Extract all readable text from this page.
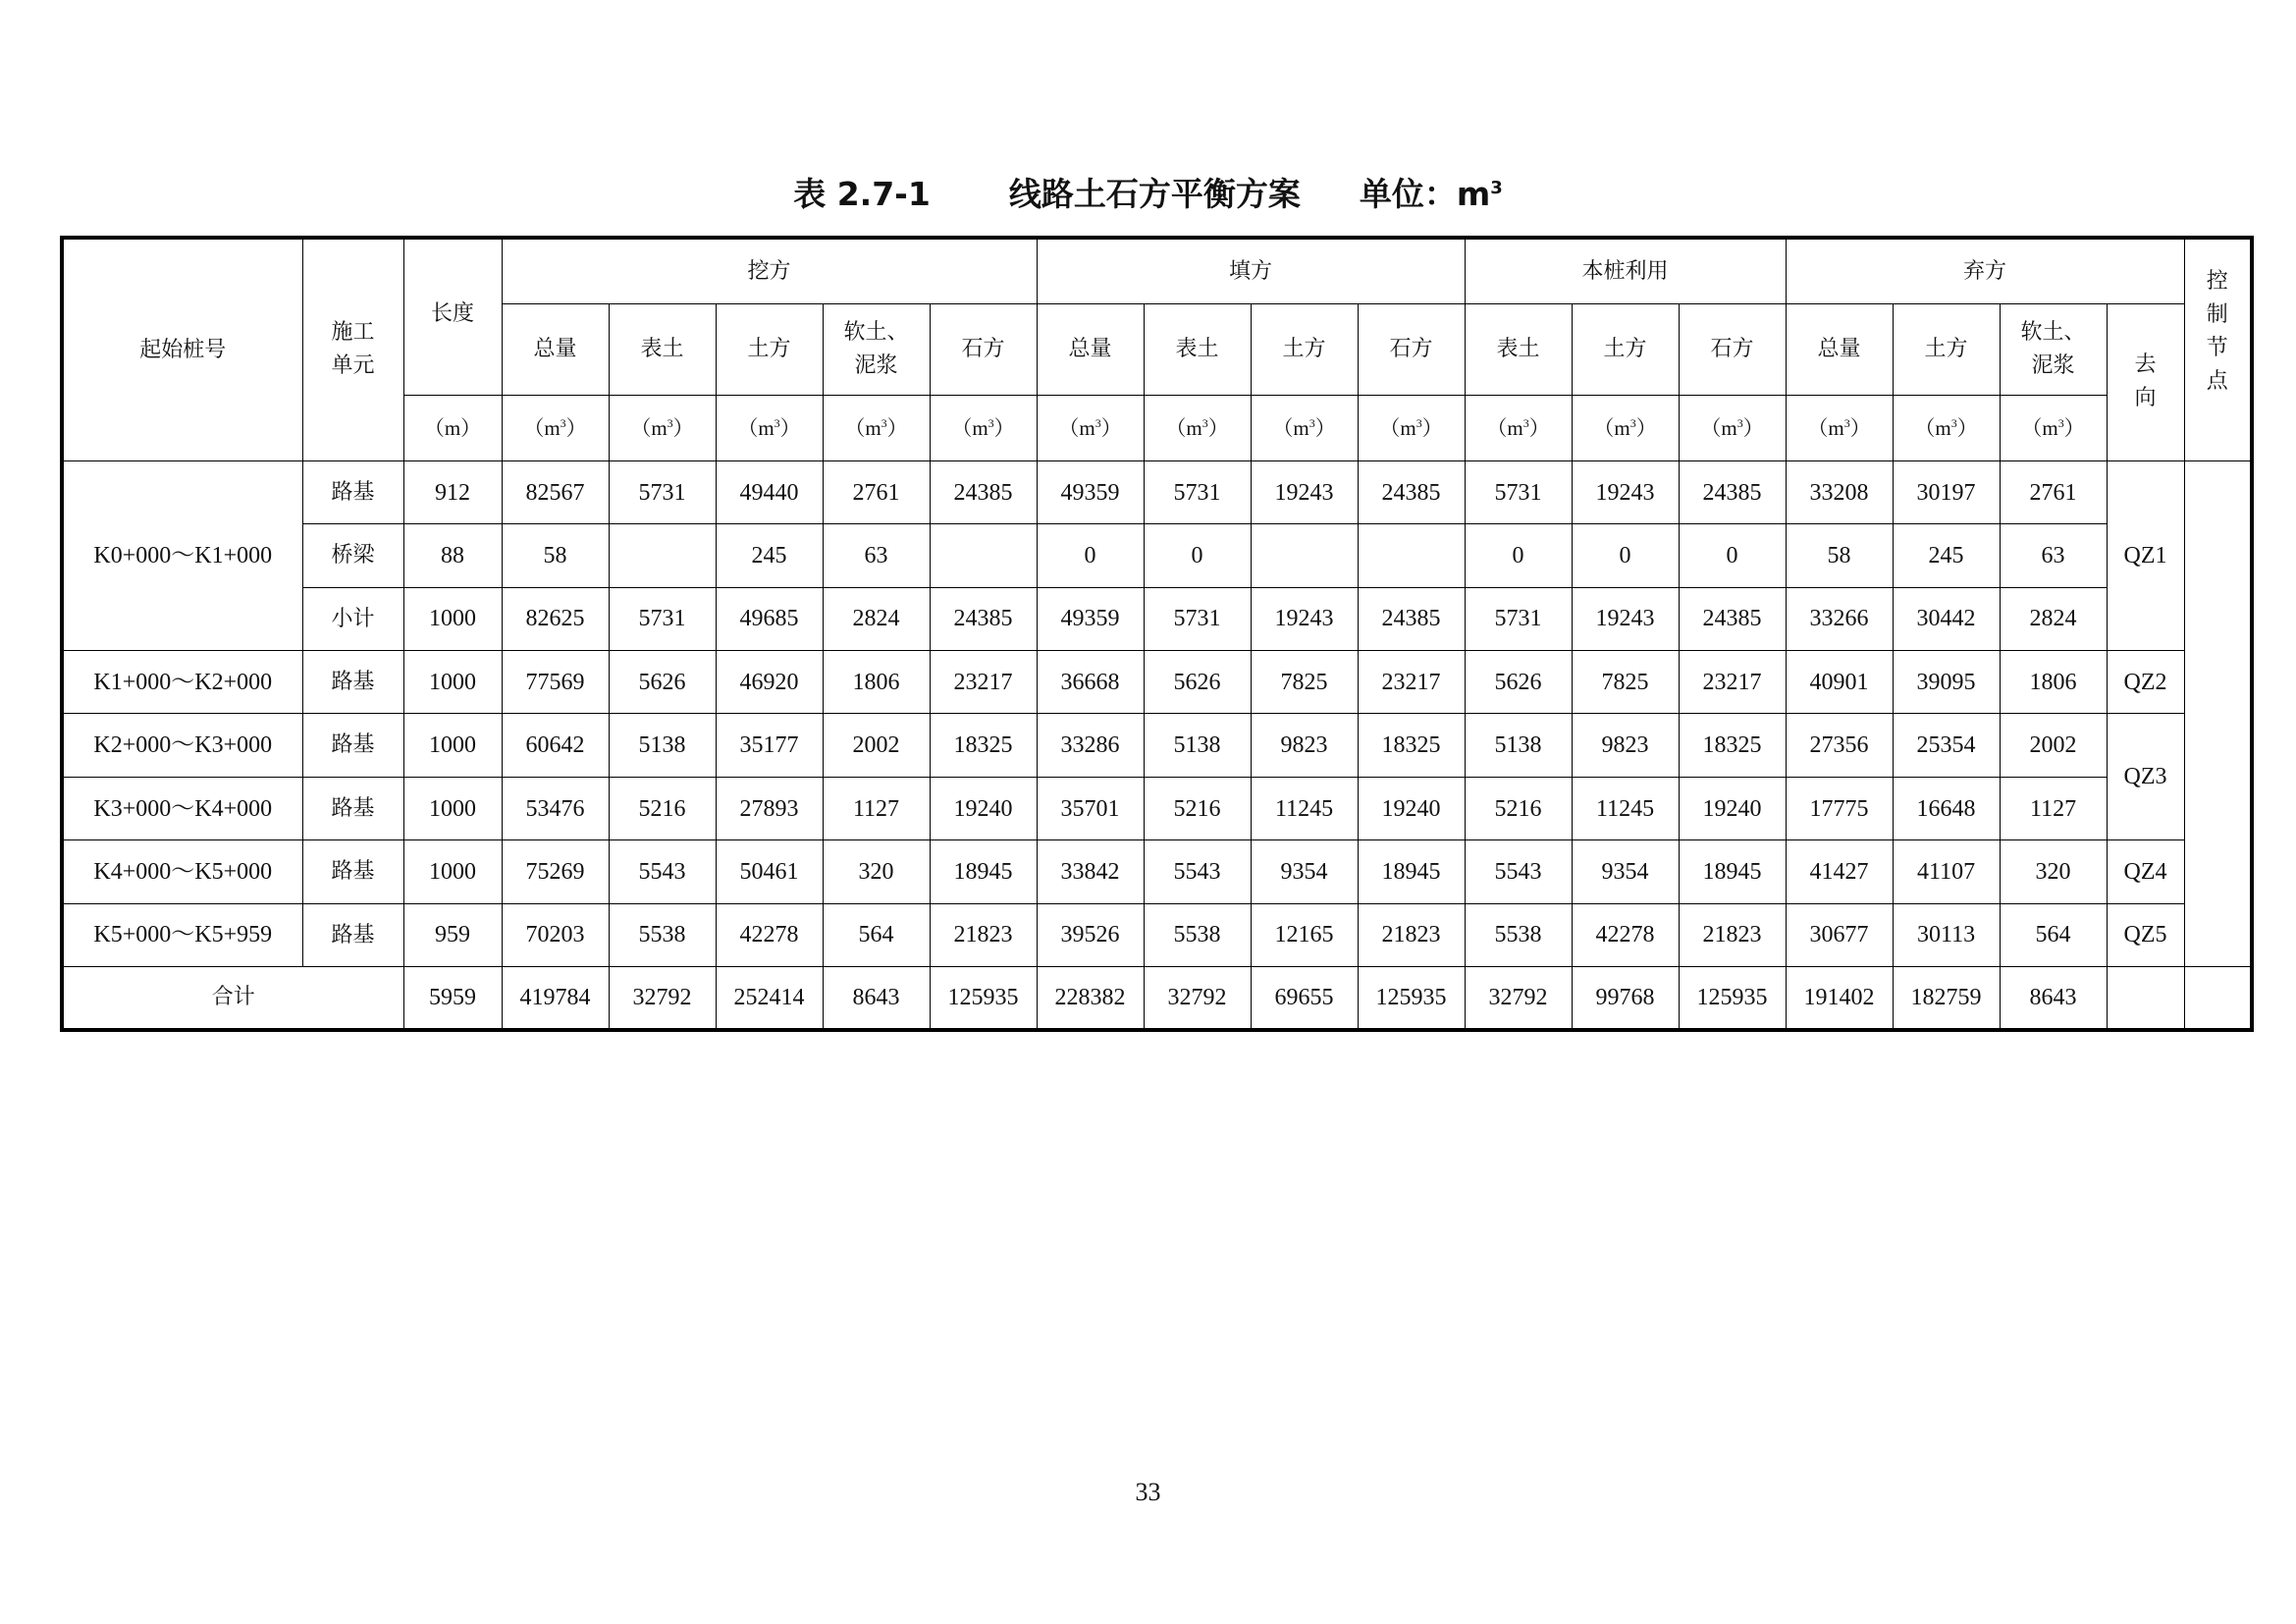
表 2.7-1 线路土石方平衡方案 单位：$m^3$
起始桩号	施工单元	长度	挖方					填方				本桩利用			弃方				控制节点
			总量	表土	土方	软土、泥浆	石方	总量	表土	土方	石方	表土	土方	石方	总量	土方	软土、泥浆	去向	
		（m）	$(m^3)$	$(m^3)$	$(m^3)$	$(m^3)$	$(m^3)$	$(m^3)$	$(m^3)$	$(m^3)$	$(m^3)$	$(m^3)$	$(m^3)$	$(m^3)$	$(m^3)$	$(m^3)$	$(m^3)$		
K0+000～K1+000	路基	912	82567	5731	49440	2761	24385	49359	5731	19243	24385	5731	19243	24385	33208	30197	2761	QZ1	
	桥梁	88	58		245	63		0	0			0	0	0	58	245	63		
	小计	1000	82625	5731	49685	2824	24385	49359	5731	19243	24385	5731	19243	24385	33266	30442	2824		
K1+000～K2+000	路基	1000	77569	5626	46920	1806	23217	36668	5626	7825	23217	5626	7825	23217	40901	39095	1806	QZ2	
K2+000～K3+000	路基	1000	60642	5138	35177	2002	18325	33286	5138	9823	18325	5138	9823	18325	27356	25354	2002	QZ3	
K3+000～K4+000	路基	1000	53476	5216	27893	1127	19240	35701	5216	11245	19240	5216	11245	19240	17775	16648	1127		
K4+000～K5+000	路基	1000	75269	5543	50461	320	18945	33842	5543	9354	18945	5543	9354	18945	41427	41107	320	QZ4	
K5+000～K5+959	路基	959	70203	5538	42278	564	21823	39526	5538	12165	21823	5538	42278	21823	30677	30113	564	QZ5	
合计		5959	419784	32792	252414	8643	125935	228382	32792	69655	125935	32792	99768	125935	191402	182759	8643		
33
